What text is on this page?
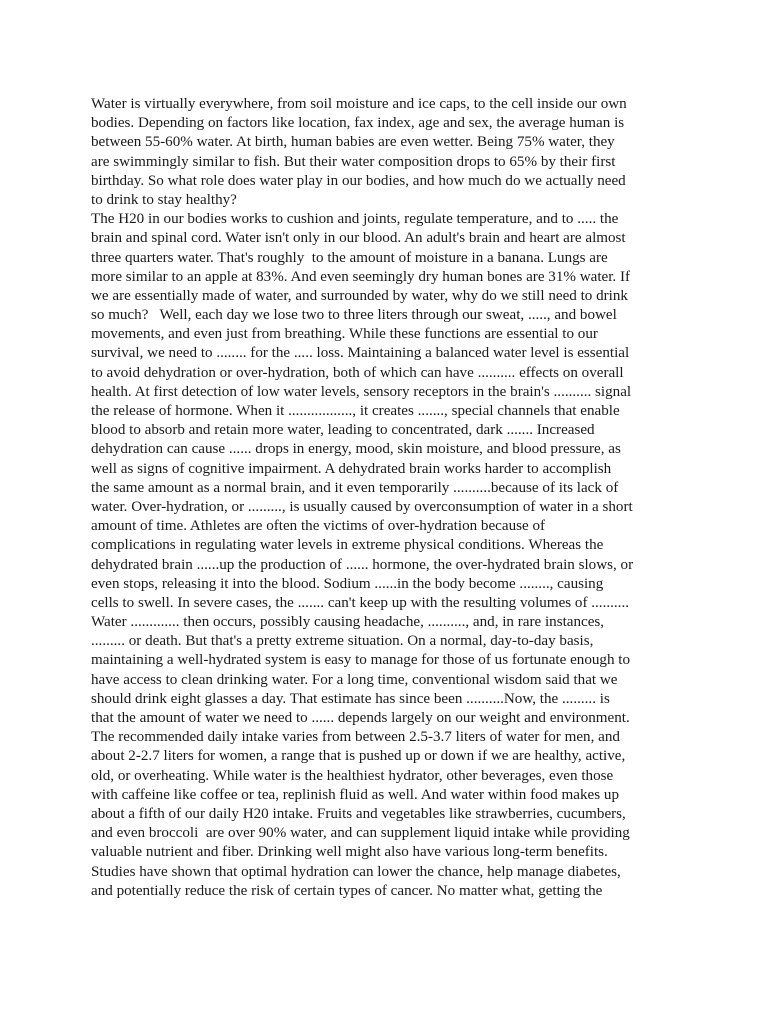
Water is virtually everywhere, from soil moisture and ice caps, to the cell inside our own
bodies. Depending on factors like location, fax index, age and sex, the average human is
between 55-60% water. At birth, human babies are even wetter. Being 75% water, they
are swimmingly similar to fish. But their water composition drops to 65% by their first
birthday. So what role does water play in our bodies, and how much do we actually need
to drink to stay healthy?
The H20 in our bodies works to cushion and joints, regulate temperature, and to ..... the
brain and spinal cord. Water isn't only in our blood. An adult's brain and heart are almost
three quarters water. That's roughly  to the amount of moisture in a banana. Lungs are
more similar to an apple at 83%. And even seemingly dry human bones are 31% water. If
we are essentially made of water, and surrounded by water, why do we still need to drink
so much?   Well, each day we lose two to three liters through our sweat, ....., and bowel
movements, and even just from breathing. While these functions are essential to our
survival, we need to ........ for the ..... loss. Maintaining a balanced water level is essential
to avoid dehydration or over-hydration, both of which can have .......... effects on overall
health. At first detection of low water levels, sensory receptors in the brain's .......... signal
the release of hormone. When it ................., it creates ......., special channels that enable
blood to absorb and retain more water, leading to concentrated, dark ....... Increased
dehydration can cause ...... drops in energy, mood, skin moisture, and blood pressure, as
well as signs of cognitive impairment. A dehydrated brain works harder to accomplish
the same amount as a normal brain, and it even temporarily ..........because of its lack of
water. Over-hydration, or ........., is usually caused by overconsumption of water in a short
amount of time. Athletes are often the victims of over-hydration because of
complications in regulating water levels in extreme physical conditions. Whereas the
dehydrated brain ......up the production of ...... hormone, the over-hydrated brain slows, or
even stops, releasing it into the blood. Sodium ......in the body become ........, causing
cells to swell. In severe cases, the ....... can't keep up with the resulting volumes of ..........
Water ............. then occurs, possibly causing headache, .........., and, in rare instances,
......... or death. But that's a pretty extreme situation. On a normal, day-to-day basis,
maintaining a well-hydrated system is easy to manage for those of us fortunate enough to
have access to clean drinking water. For a long time, conventional wisdom said that we
should drink eight glasses a day. That estimate has since been ..........Now, the ......... is
that the amount of water we need to ...... depends largely on our weight and environment.
The recommended daily intake varies from between 2.5-3.7 liters of water for men, and
about 2-2.7 liters for women, a range that is pushed up or down if we are healthy, active,
old, or overheating. While water is the healthiest hydrator, other beverages, even those
with caffeine like coffee or tea, replinish fluid as well. And water within food makes up
about a fifth of our daily H20 intake. Fruits and vegetables like strawberries, cucumbers,
and even broccoli  are over 90% water, and can supplement liquid intake while providing
valuable nutrient and fiber. Drinking well might also have various long-term benefits.
Studies have shown that optimal hydration can lower the chance, help manage diabetes,
and potentially reduce the risk of certain types of cancer. No matter what, getting the
